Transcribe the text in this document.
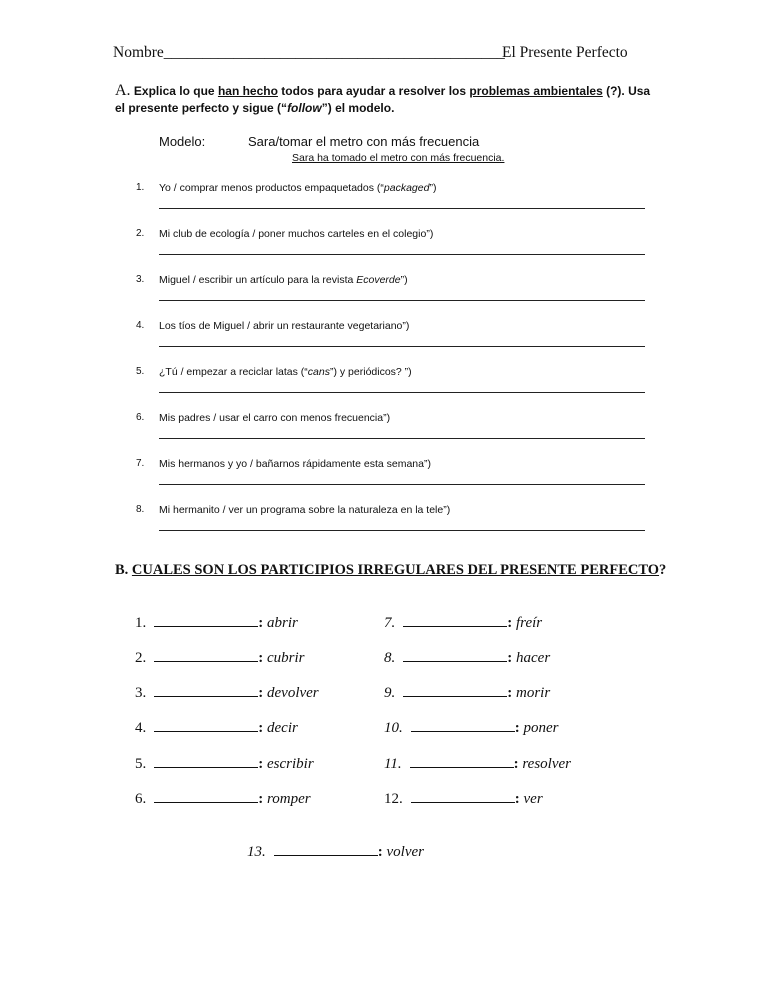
Nombre____________________________________________
El Presente Perfecto
A. Explica lo que han hecho todos para ayudar a resolver los problemas ambientales (?). Usa
el presente perfecto y sigue (“follow”) el modelo.
Modelo:	Sara/tomar el metro con más frecuencia
Sara ha tomado el metro con más frecuencia.
1. Yo / comprar menos productos empaquetados (“packaged”)
2. Mi club de ecología / poner muchos carteles en el colegio”)
3. Miguel / escribir un artículo para la revista Ecoverde”)
4. Los tíos de Miguel / abrir un restaurante vegetariano”)
5. ¿Tú / empezar a reciclar latas (“cans”) y periódicos? ”)
6. Mis padres / usar el carro con menos frecuencia”)
7. Mis hermanos y yo / bañarnos rápidamente esta semana”)
8. Mi hermanito / ver un programa sobre la naturaleza en la tele”)
B. CUALES SON LOS PARTICIPIOS IRREGULARES DEL PRESENTE PERFECTO?
1.	: abrir
2.	: cubrir
3.	: devolver
4.	: decir
5.	: escribir
6.	: romper
7.	: freír
8.	: hacer
9.	: morir
10.	: poner
11.	: resolver
12.	: ver
13.	: volver
